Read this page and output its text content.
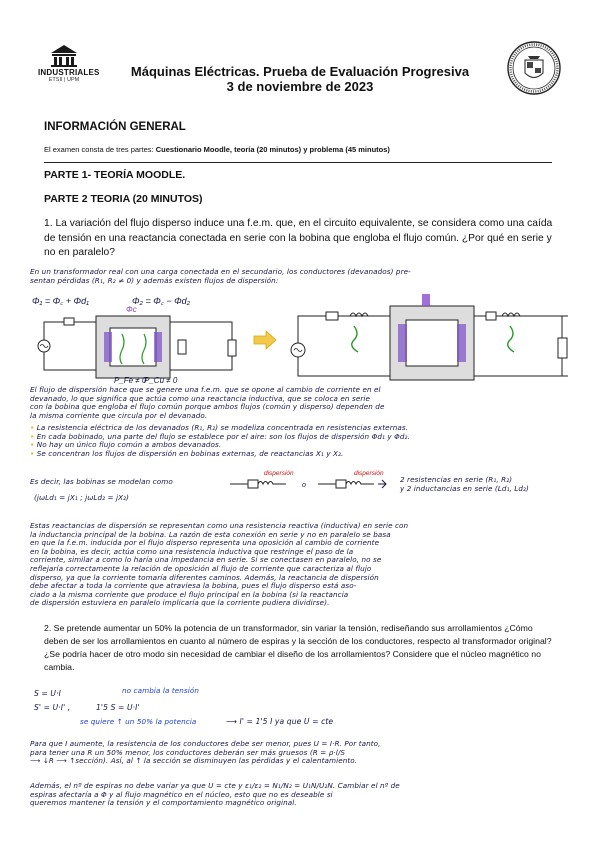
INDUSTRIALES
ETSII | UPM
Máquinas Eléctricas. Prueba de Evaluación Progresiva
3 de noviembre de 2023
INFORMACIÓN GENERAL
El examen consta de tres partes: Cuestionario Moodle, teoría (20 minutos) y problema (45 minutos)
PARTE 1- TEORÍA MOODLE.
PARTE 2 TEORIA (20 MINUTOS)
1. La variación del flujo disperso induce una f.e.m. que, en el circuito equivalente, se considera como una caída de tensión en una reactancia conectada en serie con la bobina que engloba el flujo común. ¿Por qué en serie y no en paralelo?
En un transformador real con una carga conectada en el secundario, los conductores (devanados) pre-
sentan pérdidas (R₁, R₂ ≠ 0) y además existen flujos de dispersión:
Φ₁ = Φ꜀ + Φd₁	Φ₂ = Φ꜀ − Φd₂
Φc
P_Fe ≠ 0
P_Cu ≠ 0
El flujo de dispersión hace que se genere una f.e.m. que se opone al cambio de corriente en el
devanado, lo que significa que actúa como una reactancia inductiva, que se coloca en serie
con la bobina que engloba el flujo común porque ambos flujos (común y disperso) dependen de
la misma corriente que circula por el devanado.
• La resistencia eléctrica de los devanados (R₁, R₂) se modeliza concentrada en resistencias externas.
• En cada bobinado, una parte del flujo se establece por el aire: son los flujos de dispersión Φd₁ y Φd₂.
• No hay un único flujo común a ambos devanados.
• Se concentran los flujos de dispersión en bobinas externas, de reactancias X₁ y X₂.
Es decir, las bobinas se modelan como
dispersión
o
dispersión
2 resistencias en serie (R₁, R₂)
y 2 inductancias en serie (Ld₁, Ld₂)
(jωLd₁ = jX₁ ; jωLd₂ = jX₂)
Estas reactancias de dispersión se representan como una resistencia reactiva (inductiva) en serie con
la inductancia principal de la bobina. La razón de esta conexión en serie y no en paralelo se basa
en que la f.e.m. inducida por el flujo disperso representa una oposición al cambio de corriente
en la bobina, es decir, actúa como una resistencia inductiva que restringe el paso de la
corriente, similar a como lo haría una impedancia en serie. Si se conectasen en paralelo, no se
reflejaría correctamente la relación de oposición al flujo de corriente que caracteriza al flujo
disperso, ya que la corriente tomaría diferentes caminos. Además, la reactancia de dispersión
debe afectar a toda la corriente que atraviesa la bobina, pues el flujo disperso está aso-
ciado a la misma corriente que produce el flujo principal en la bobina (si la reactancia
de dispersión estuviera en paralelo implicaría que la corriente pudiera dividirse).
2. Se pretende aumentar un 50% la potencia de un transformador, sin variar la tensión, rediseñando sus arrollamientos ¿Cómo deben de ser los arrollamientos en cuanto al número de espiras y la sección de los conductores, respecto al transformador original? ¿Se podría hacer de otro modo sin necesidad de cambiar el diseño de los arrollamientos? Considere que el núcleo magnético no cambia.
S = U·I	no cambia la tensión
S' = U·I' ,	1'5 S = U·I'
se quiere ↑ un 50% la potencia	⟶ I' = 1'5 I ya que U = cte
Para que I aumente, la resistencia de los conductores debe ser menor, pues U = I·R. Por tanto,
para tener una R un 50% menor, los conductores deberán ser más gruesos (R = ρ·l/S
⟶ ↓R ⟶ ↑sección). Así, al ↑ la sección se disminuyen las pérdidas y el calentamiento.
Además, el nº de espiras no debe variar ya que U = cte y ε₁/ε₂ = N₁/N₂ = U₁N/U₂N. Cambiar el nº de
espiras afectaría a Φ y al flujo magnético en el núcleo, esto que no es deseable si
queremos mantener la tensión y el comportamiento magnético original.
